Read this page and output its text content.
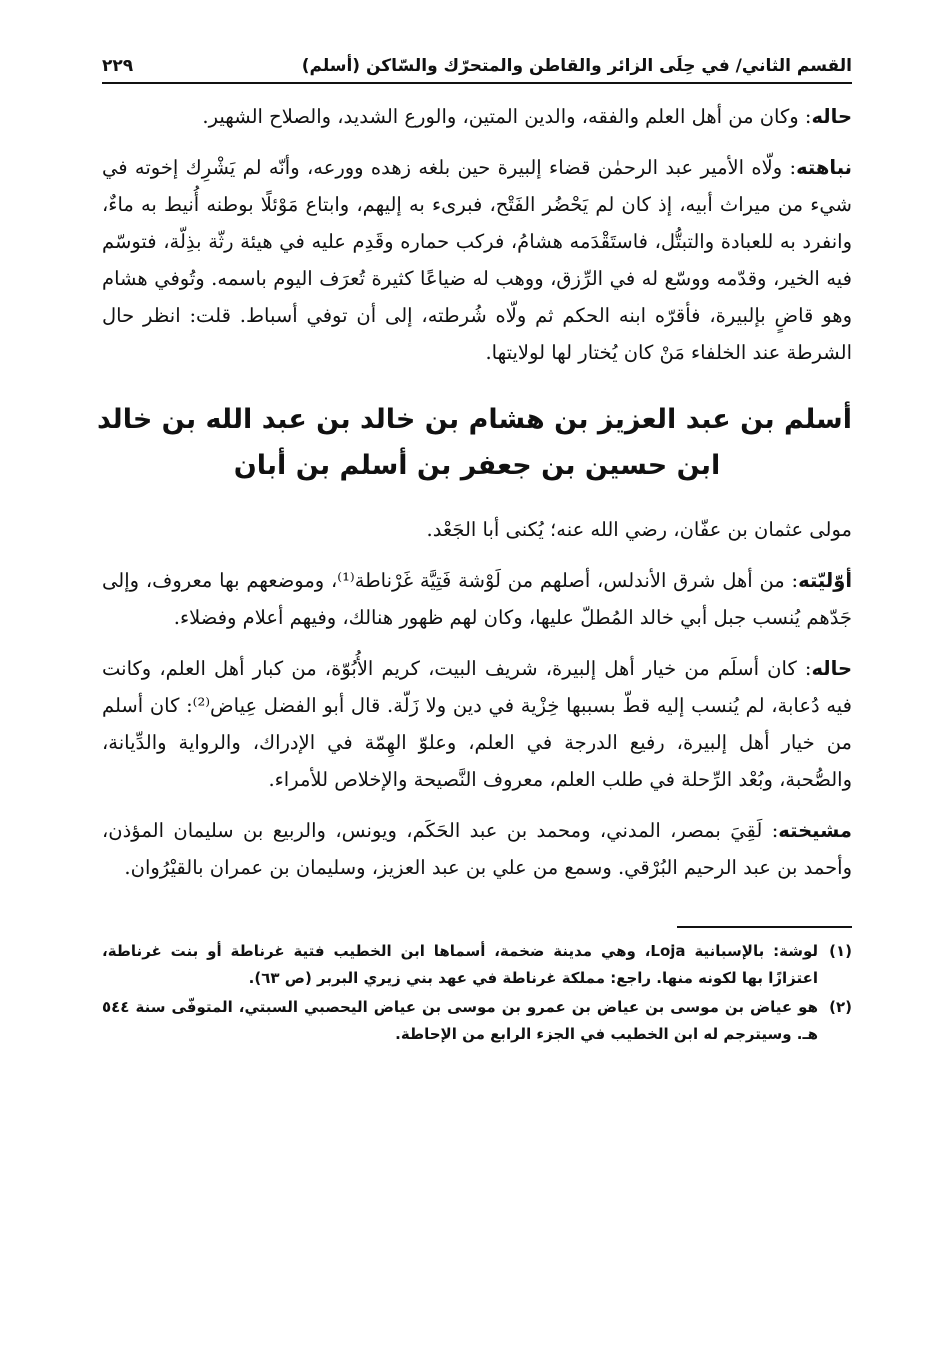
القسم الثاني/ في حِلَى الزائر والقاطن والمتحرّك والسّاكن (أسلم)
٢٢٩

حاله: وكان من أهل العلم والفقه، والدين المتين، والورع الشديد، والصلاح الشهير.

نباهته: ولّاه الأمير عبد الرحمٰن قضاء إلبيرة حين بلغه زهده وورعه، وأنّه لم يَشْرِك إخوته في شيء من ميراث أبيه، إذ كان لم يَحْضُر الفَتْح، فبرىء به إليهم، وابتاع مَوْئلًا بوطنه أُنيط به ماءٌ، وانفرد به للعبادة والتبتُّل، فاستَقْدَمه هشامُ، فركب حماره وقَدِم عليه في هيئة رثّة بذِلّة، فتوسّم فيه الخير، وقدّمه ووسّع له في الرِّزق، ووهب له ضياعًا كثيرة تُعرَف اليوم باسمه. وتُوفي هشام وهو قاضٍ بإلبيرة، فأقرّه ابنه الحكم ثم ولّاه شُرطته، إلى أن توفي أسباط. قلت: انظر حال الشرطة عند الخلفاء مَنْ كان يُختار لها لولايتها.

أسلم بن عبد العزيز بن هشام بن خالد بن عبد الله بن خالد
ابن حسين بن جعفر بن أسلم بن أبان

مولى عثمان بن عفّان، رضي الله عنه؛ يُكنى أبا الجَعْد.

أوّليّته: من أهل شرق الأندلس، أصلهم من لَوْشة فَتِيَّة غَرْناطة⁽¹⁾، وموضعهم بها معروف، وإلى جَدّهم يُنسب جبل أبي خالد المُطلّ عليها، وكان لهم ظهور هنالك، وفيهم أعلام وفضلاء.

حاله: كان أسلَم من خيار أهل إلبيرة، شريف البيت، كريم الأُبُوّة، من كبار أهل العلم، وكانت فيه دُعابة، لم يُنسب إليه قطّ بسببها خِزْية في دين ولا زَلّة. قال أبو الفضل عِياض⁽²⁾: كان أسلم من خيار أهل إلبيرة، رفيع الدرجة في العلم، وعلوّ الهِمّة في الإدراك، والرواية والدِّيانة، والصُّحبة، وبُعْد الرِّحلة في طلب العلم، معروف النَّصيحة والإخلاص للأمراء.

مشيخته: لَقِيَ بمصر، المدني، ومحمد بن عبد الحَكَم، ويونس، والربيع بن سليمان المؤذن، وأحمد بن عبد الرحيم البُرْقي. وسمع من علي بن عبد العزيز، وسليمان بن عمران بالقيْرُوان.

(١)
لوشة: بالإسبانية Loja، وهي مدينة ضخمة، أسماها ابن الخطيب فتية غرناطة أو بنت غرناطة، اعتزازًا بها لكونه منها. راجع: مملكة غرناطة في عهد بني زيري البربر (ص ٦٣).
(٢)
هو عياض بن موسى بن عياض بن عمرو بن موسى بن عياض اليحصبي السبتي، المتوفّى سنة ٥٤٤ هـ. وسيترجم له ابن الخطيب في الجزء الرابع من الإحاطة.
